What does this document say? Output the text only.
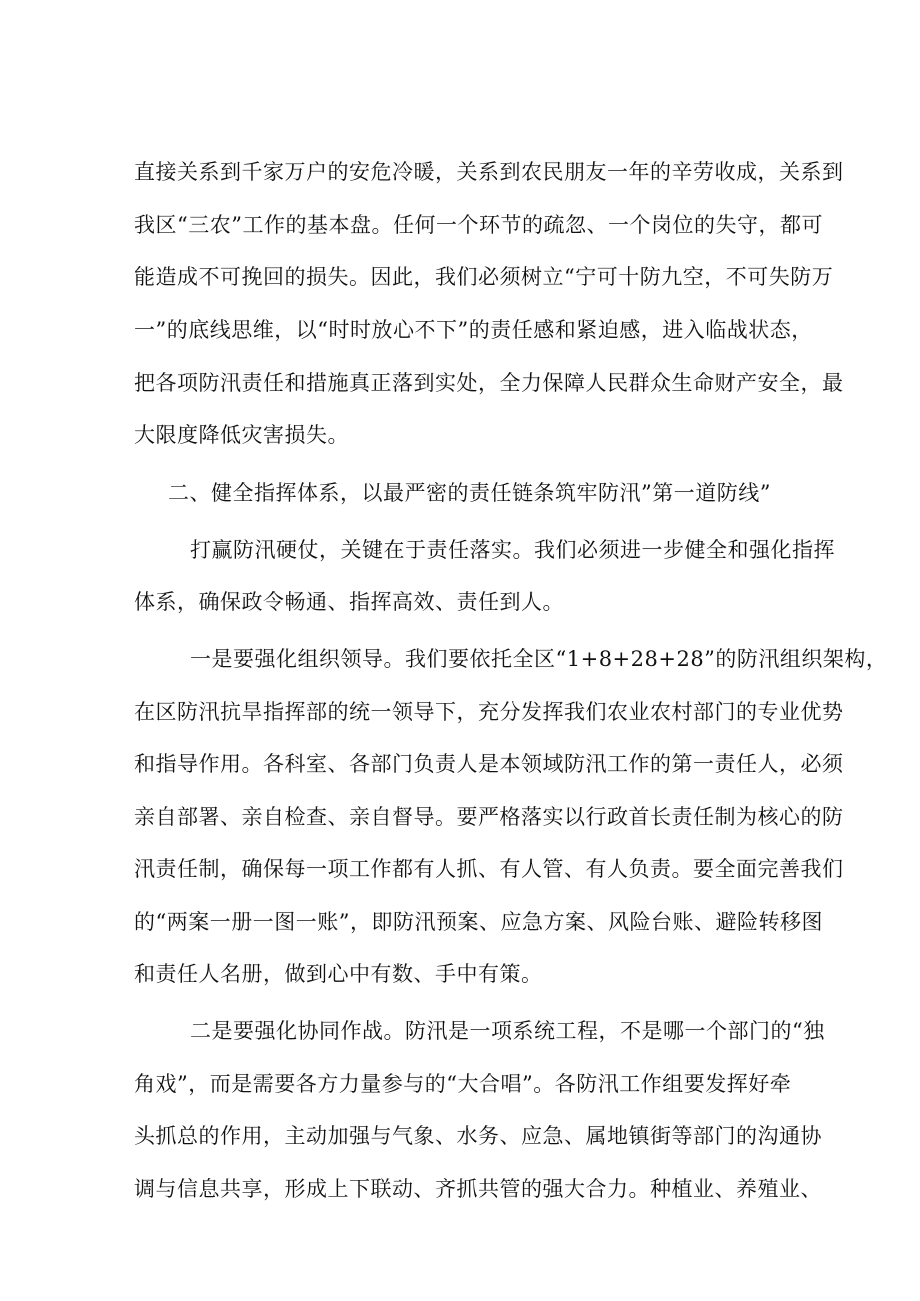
直接关系到千家万户的安危冷暖，关系到农民朋友一年的辛劳收成，关系到
我区“三农”工作的基本盘。任何一个环节的疏忽、一个岗位的失守，都可
能造成不可挽回的损失。因此，我们必须树立“宁可十防九空，不可失防万
一”的底线思维，以“时时放心不下”的责任感和紧迫感，进入临战状态，
把各项防汛责任和措施真正落到实处，全力保障人民群众生命财产安全，最
大限度降低灾害损失。
二、健全指挥体系，以最严密的责任链条筑牢防汛”第一道防线”
打赢防汛硬仗，关键在于责任落实。我们必须进一步健全和强化指挥
体系，确保政令畅通、指挥高效、责任到人。
一是要强化组织领导。我们要依托全区“1+8+28+28”的防汛组织架构，
在区防汛抗旱指挥部的统一领导下，充分发挥我们农业农村部门的专业优势
和指导作用。各科室、各部门负责人是本领域防汛工作的第一责任人，必须
亲自部署、亲自检查、亲自督导。要严格落实以行政首长责任制为核心的防
汛责任制，确保每一项工作都有人抓、有人管、有人负责。要全面完善我们
的“两案一册一图一账”，即防汛预案、应急方案、风险台账、避险转移图
和责任人名册，做到心中有数、手中有策。
二是要强化协同作战。防汛是一项系统工程，不是哪一个部门的“独
角戏”，而是需要各方力量参与的“大合唱”。各防汛工作组要发挥好牵
头抓总的作用，主动加强与气象、水务、应急、属地镇街等部门的沟通协
调与信息共享，形成上下联动、齐抓共管的强大合力。种植业、养殖业、
